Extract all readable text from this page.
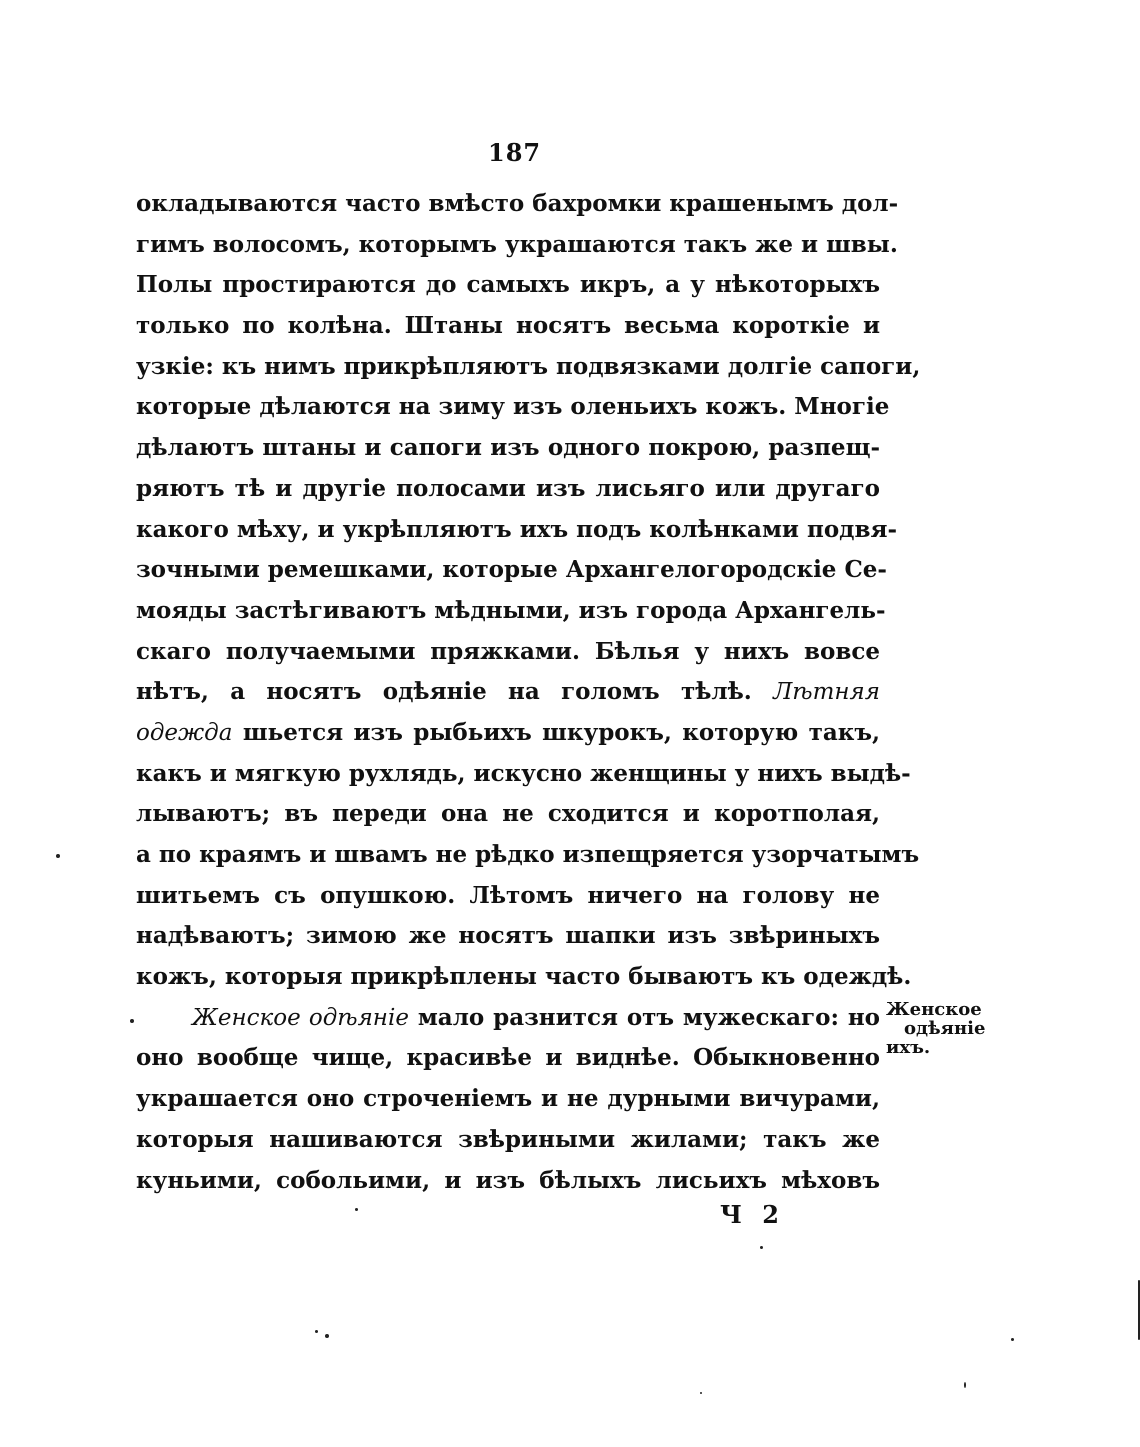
187
окладываются часто вмѣсто бахромки крашенымъ дол-
гимъ волосомъ, которымъ украшаются такъ же и швы.
Полы простираются до самыхъ икръ, а у нѣкоторыхъ
только по колѣна. Штаны носятъ весьма короткіе и
узкіе: къ нимъ прикрѣпляютъ подвязками долгіе сапоги,
которые дѣлаются на зиму изъ оленьихъ кожъ. Многіе
дѣлаютъ штаны и сапоги изъ одного покрою, разпещ-
ряютъ тѣ и другіе полосами изъ лисьяго или другаго
какого мѣху, и укрѣпляютъ ихъ подъ колѣнками подвя-
зочными ремешками, которые Архангелогородскіе Се-
мояды застѣгиваютъ мѣдными, изъ города Архангель-
скаго получаемыми пряжками. Бѣлья у нихъ вовсе
нѣтъ, а носятъ одѣяніе на голомъ тѣлѣ. Лѣтняя
одежда шьется изъ рыбьихъ шкурокъ, которую такъ,
какъ и мягкую рухлядь, искусно женщины у нихъ выдѣ-
лываютъ; въ переди она не сходится и коротполая,
а по краямъ и швамъ не рѣдко изпещряется узорчатымъ
шитьемъ съ опушкою. Лѣтомъ ничего на голову не
надѣваютъ; зимою же носятъ шапки изъ звѣриныхъ
кожъ, которыя прикрѣплены часто бываютъ къ одеждѣ.
Женское одѣяніе мало разнится отъ мужескаго: но
оно вообще чище, красивѣе и виднѣе. Обыкновенно
украшается оно строченіемъ и не дурными вичурами,
которыя нашиваются звѣриными жилами; такъ же
куньими, собольими, и изъ бѣлыхъ лисьихъ мѣховъ
Женское
одѣяніе
ихъ.
Ч 2
